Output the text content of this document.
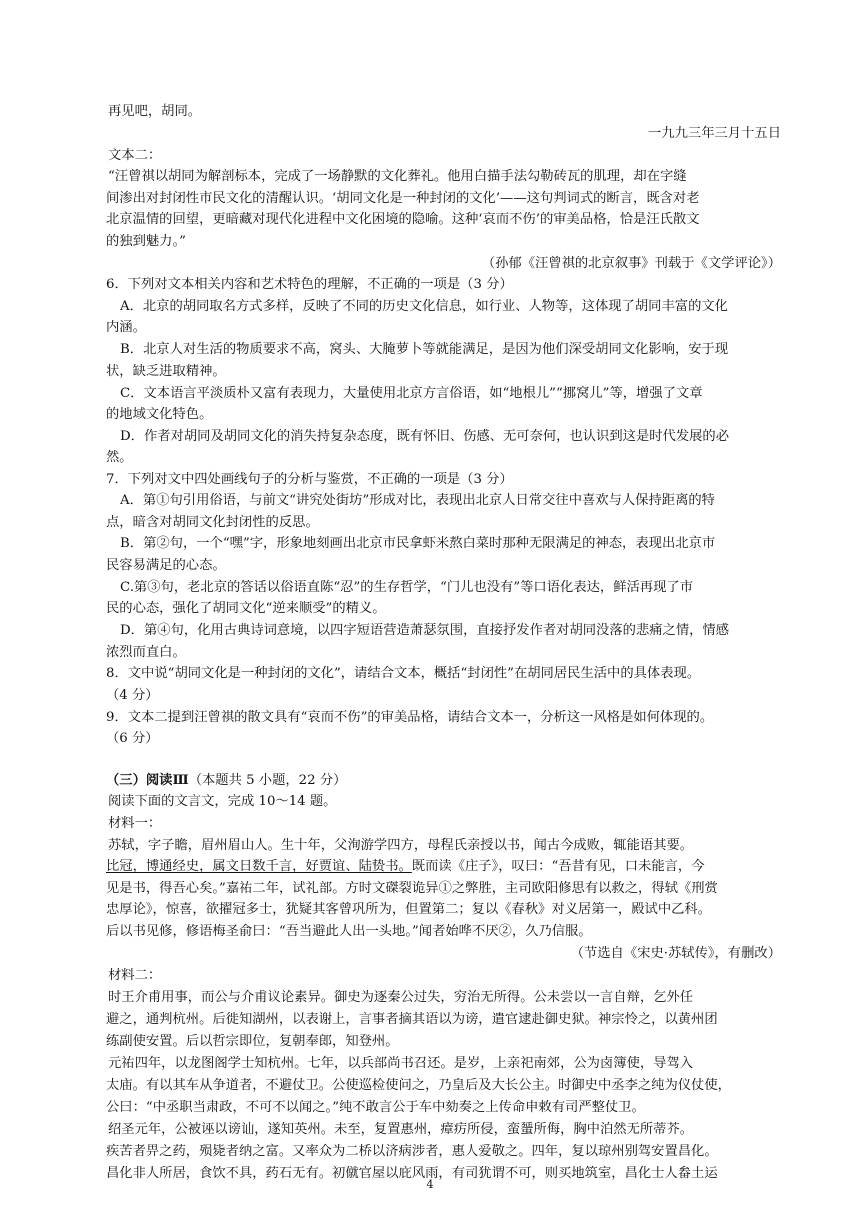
再见吧，胡同。
一九九三年三月十五日
文本二：
“汪曾祺以胡同为解剖标本，完成了一场静默的文化葬礼。他用白描手法勾勒砖瓦的肌理，却在字缝
间渗出对封闭性市民文化的清醒认识。‘胡同文化是一种封闭的文化’——这句判词式的断言，既含对老
北京温情的回望，更暗藏对现代化进程中文化困境的隐喻。这种‘哀而不伤’的审美品格，恰是汪氏散文
的独到魅力。”
（孙郁《汪曾祺的北京叙事》刊载于《文学评论》）
6．下列对文本相关内容和艺术特色的理解，不正确的一项是（3 分）
A．北京的胡同取名方式多样，反映了不同的历史文化信息，如行业、人物等，这体现了胡同丰富的文化
内涵。
B．北京人对生活的物质要求不高，窝头、大腌萝卜等就能满足，是因为他们深受胡同文化影响，安于现
状，缺乏进取精神。
C．文本语言平淡质朴又富有表现力，大量使用北京方言俗语，如“地根儿”“挪窝儿”等，增强了文章
的地域文化特色。
D．作者对胡同及胡同文化的消失持复杂态度，既有怀旧、伤感、无可奈何，也认识到这是时代发展的必
然。
7．下列对文中四处画线句子的分析与鉴赏，不正确的一项是（3 分）
A．第①句引用俗语，与前文“讲究处街坊”形成对比，表现出北京人日常交往中喜欢与人保持距离的特
点，暗含对胡同文化封闭性的反思。
B．第②句，一个“嘿”字，形象地刻画出北京市民拿虾米熬白菜时那种无限满足的神态，表现出北京市
民容易满足的心态。
C.第③句，老北京的答话以俗语直陈“忍”的生存哲学，“门儿也没有”等口语化表达，鲜活再现了市
民的心态，强化了胡同文化“逆来顺受”的精义。
D．第④句，化用古典诗词意境，以四字短语营造萧瑟氛围，直接抒发作者对胡同没落的悲痛之情，情感
浓烈而直白。
8．文中说“胡同文化是一种封闭的文化”，请结合文本，概括“封闭性”在胡同居民生活中的具体表现。
（4 分）
9．文本二提到汪曾祺的散文具有“哀而不伤”的审美品格，请结合文本一，分析这一风格是如何体现的。
（6 分）
（三）阅读Ⅲ（本题共 5 小题，22 分）
阅读下面的文言文，完成 10～14 题。
材料一：
苏轼，字子瞻，眉州眉山人。生十年，父洵游学四方，母程氏亲授以书，闻古今成败，辄能语其要。
比冠，博通经史，属文日数千言，好贾谊、陆贽书。既而读《庄子》，叹曰：“吾昔有见，口未能言，今
见是书，得吾心矣。”嘉祐二年，试礼部。方时文磔裂诡异①之弊胜，主司欧阳修思有以救之，得轼《刑赏
忠厚论》，惊喜，欲擢冠多士，犹疑其客曾巩所为，但置第二；复以《春秋》对义居第一，殿试中乙科。
后以书见修，修语梅圣俞曰：“吾当避此人出一头地。”闻者始哗不厌②，久乃信服。
（节选自《宋史·苏轼传》，有删改）
材料二：
时王介甫用事，而公与介甫议论素异。御史为逐秦公过失，穷治无所得。公未尝以一言自辩，乞外任
避之，通判杭州。后徙知湖州，以表谢上，言事者摘其语以为谤，遣官逮赴御史狱。神宗怜之，以黄州团
练副使安置。后以哲宗即位，复朝奉郎，知登州。
元祐四年，以龙图阁学士知杭州。七年，以兵部尚书召还。是岁，上亲祀南郊，公为卤簿使，导驾入
太庙。有以其车从争道者，不避仗卫。公使巡检使问之，乃皇后及大长公主。时御史中丞李之纯为仪仗使，
公曰：“中丞职当肃政，不可不以闻之。”纯不敢言公于车中劾奏之上传命申敕有司严整仗卫。
绍圣元年，公被诬以谤讪，遂知英州。未至，复置惠州，瘴疠所侵，蛮蜑所侮，胸中泊然无所蒂芥。
疾苦者畀之药，殒毙者纳之富。又率众为二桥以济病涉者，惠人爱敬之。四年，复以琼州别驾安置昌化。
昌化非人所居，食饮不具，药石无有。初僦官屋以庇风雨，有司犹谓不可，则买地筑室，昌化士人畚土运
4
